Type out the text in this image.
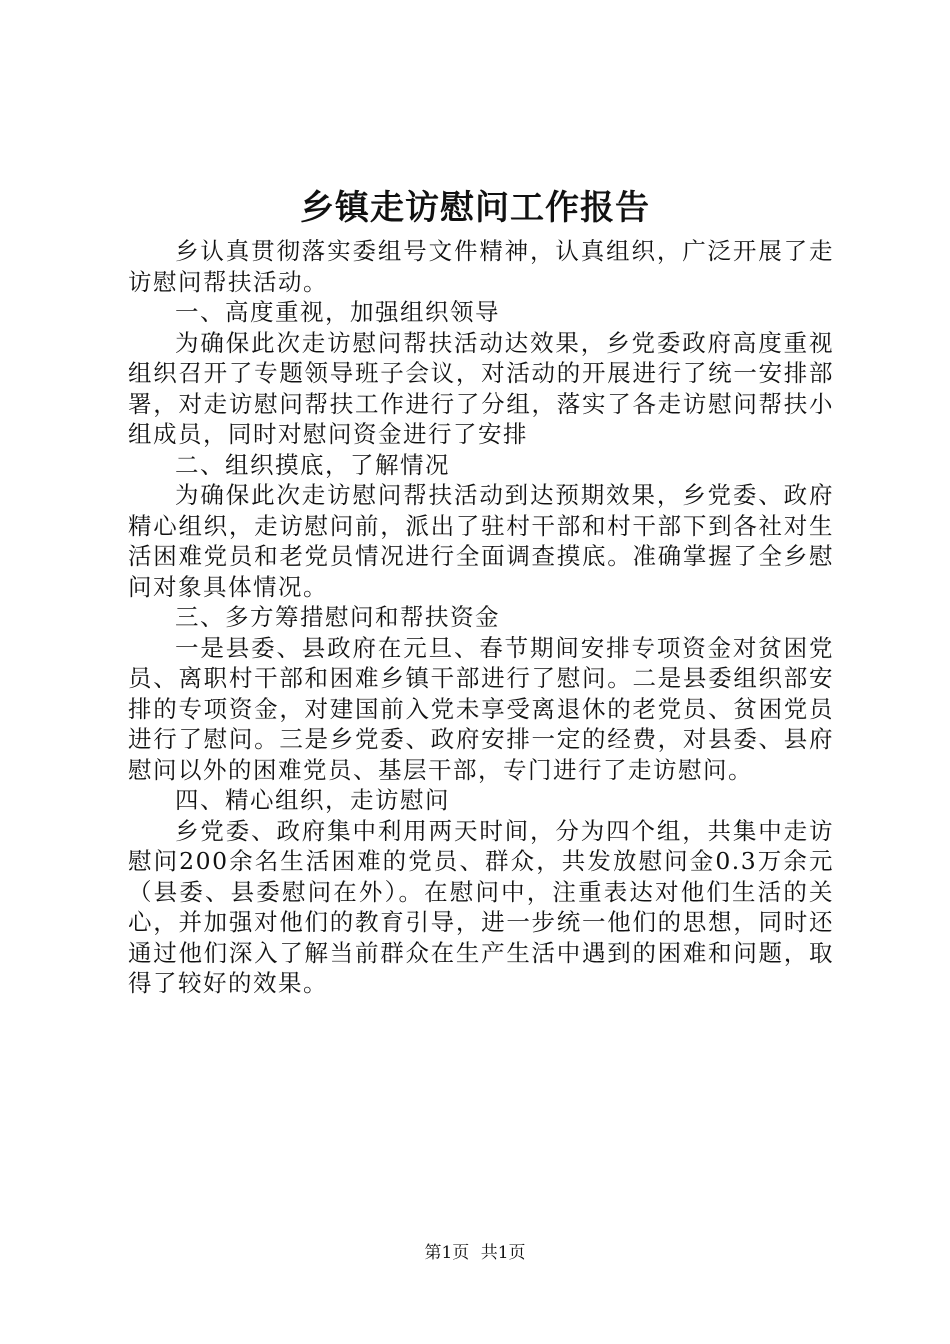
乡镇走访慰问工作报告

乡认真贯彻落实委组号文件精神，认真组织，广泛开展了走访慰问帮扶活动。

一、高度重视，加强组织领导

为确保此次走访慰问帮扶活动达效果，乡党委政府高度重视组织召开了专题领导班子会议，对活动的开展进行了统一安排部署，对走访慰问帮扶工作进行了分组，落实了各走访慰问帮扶小组成员，同时对慰问资金进行了安排

二、组织摸底，了解情况

为确保此次走访慰问帮扶活动到达预期效果，乡党委、政府精心组织，走访慰问前，派出了驻村干部和村干部下到各社对生活困难党员和老党员情况进行全面调查摸底。准确掌握了全乡慰问对象具体情况。

三、多方筹措慰问和帮扶资金

一是县委、县政府在元旦、春节期间安排专项资金对贫困党员、离职村干部和困难乡镇干部进行了慰问。二是县委组织部安排的专项资金，对建国前入党未享受离退休的老党员、贫困党员进行了慰问。三是乡党委、政府安排一定的经费，对县委、县府慰问以外的困难党员、基层干部，专门进行了走访慰问。

四、精心组织，走访慰问

乡党委、政府集中利用两天时间，分为四个组，共集中走访慰问200余名生活困难的党员、群众，共发放慰问金0.3万余元（县委、县委慰问在外）。在慰问中，注重表达对他们生活的关心，并加强对他们的教育引导，进一步统一他们的思想，同时还通过他们深入了解当前群众在生产生活中遇到的困难和问题，取得了较好的效果。

第1页 共1页
